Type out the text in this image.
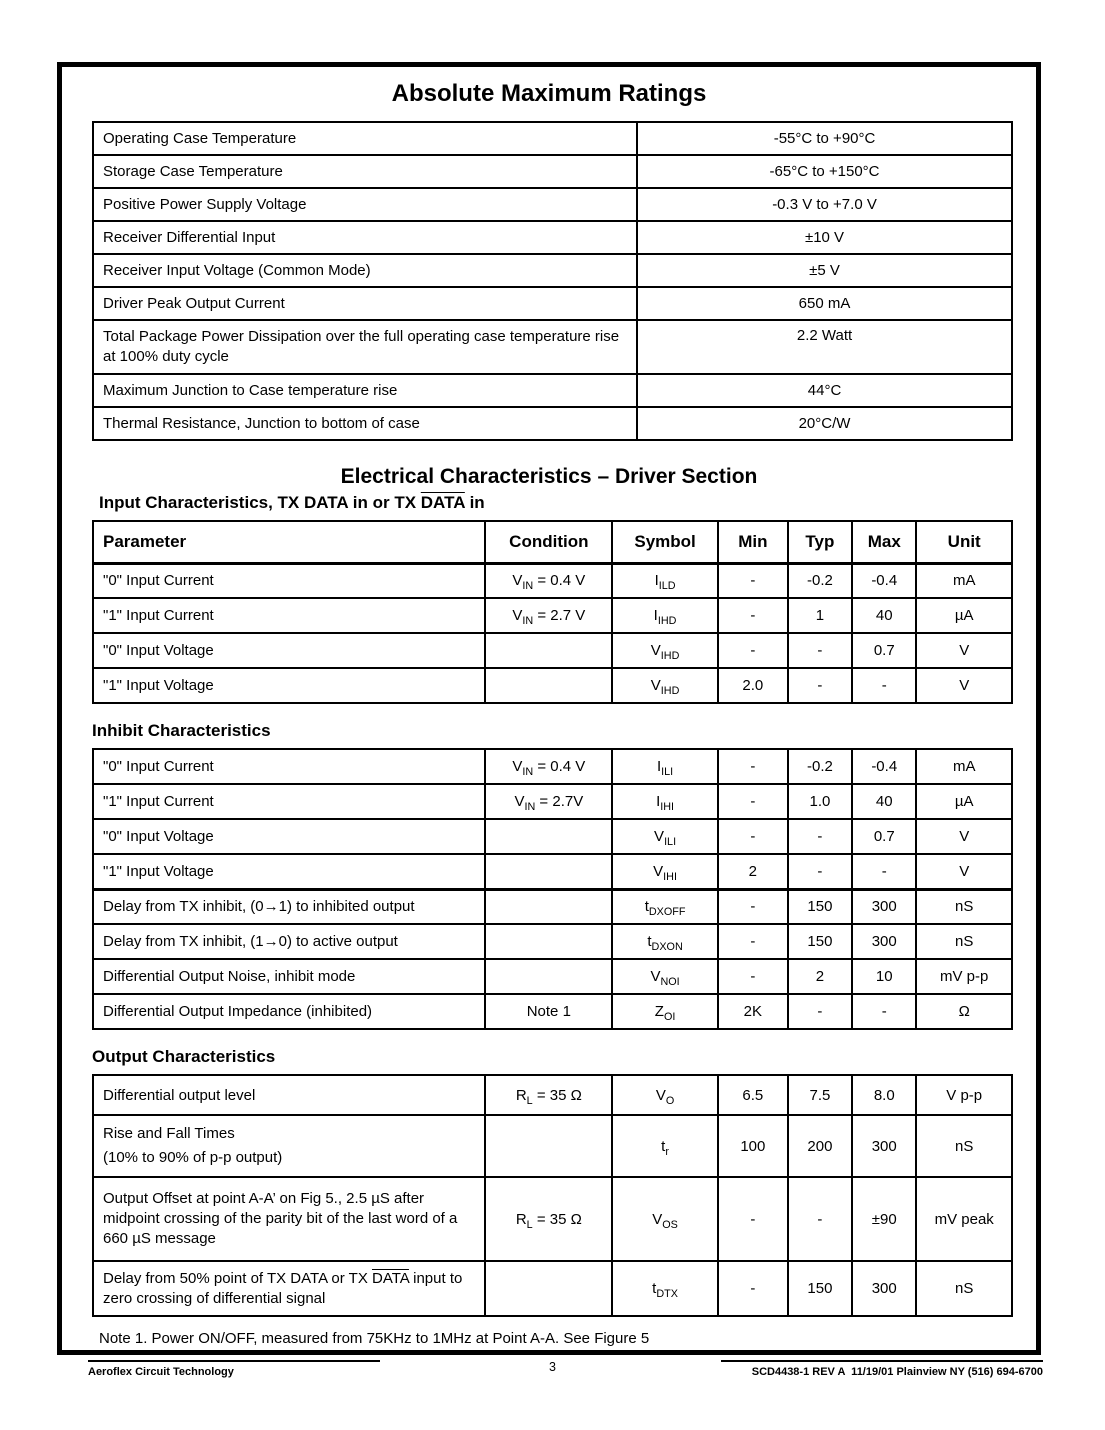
Absolute Maximum Ratings
Operating Case Temperature	-55°C to +90°C
Storage Case Temperature	-65°C to +150°C
Positive Power Supply Voltage	-0.3 V to +7.0 V
Receiver Differential Input	±10 V
Receiver Input Voltage (Common Mode)	±5 V
Driver Peak Output Current	650 mA
Total Package Power Dissipation over the full operating case temperature rise at 100% duty cycle	2.2 Watt
Maximum Junction to Case temperature rise	44°C
Thermal Resistance, Junction to bottom of case	20°C/W
Electrical Characteristics – Driver Section
Input Characteristics, TX DATA in or TX DATA in
Parameter	Condition	Symbol	Min	Typ	Max	Unit
"0" Input Current	$V_{IN} = 0.4$ V	$I_{ILD}$	-	-0.2	-0.4	mA
"1" Input Current	$V_{IN} = 2.7$ V	$I_{IHD}$	-	1	40	µA
"0" Input Voltage		$V_{IHD}$	-	-	0.7	V
"1" Input Voltage		$V_{IHD}$	2.0	-	-	V
Inhibit Characteristics
"0" Input Current	$V_{IN} = 0.4$ V	$I_{ILI}$	-	-0.2	-0.4	mA
"1" Input Current	$V_{IN} = 2.7V$	$I_{IHI}$	-	1.0	40	µA
"0" Input Voltage		$V_{ILI}$	-	-	0.7	V
"1" Input Voltage		$V_{IHI}$	2	-	-	V
Delay from TX inhibit, (0→1) to inhibited output		$t_{DXOFF}$	-	150	300	nS
Delay from TX inhibit, (1→0) to active output		$t_{DXON}$	-	150	300	nS
Differential Output Noise, inhibit mode		$V_{NOI}$	-	2	10	mV p-p
Differential Output Impedance (inhibited)	Note 1	$Z_{OI}$	2K	-	-	Ω
Output Characteristics
Differential output level	$R_L = 35$ Ω	$V_O$	6.5	7.5	8.0	V p-p

Rise and Fall Times
(10% to 90% of p-p output)		$t_r$	100	200	300	nS
Output Offset at point A-A’ on Fig 5., 2.5 µS after midpoint crossing of the parity bit of the last word of a 660 µS message	$R_L = 35$ Ω	$V_{OS}$	-	-	±90	mV peak
Delay from 50% point of TX DATA or TX DATA input to zero crossing of differential signal		$t_{DTX}$	-	150	300	nS

Note 1. Power ON/OFF, measured from 75KHz to 1MHz at Point A-A. See Figure 5

Aeroflex Circuit Technology	3	SCD4438-1 REV A  11/19/01 Plainview NY (516) 694-6700
